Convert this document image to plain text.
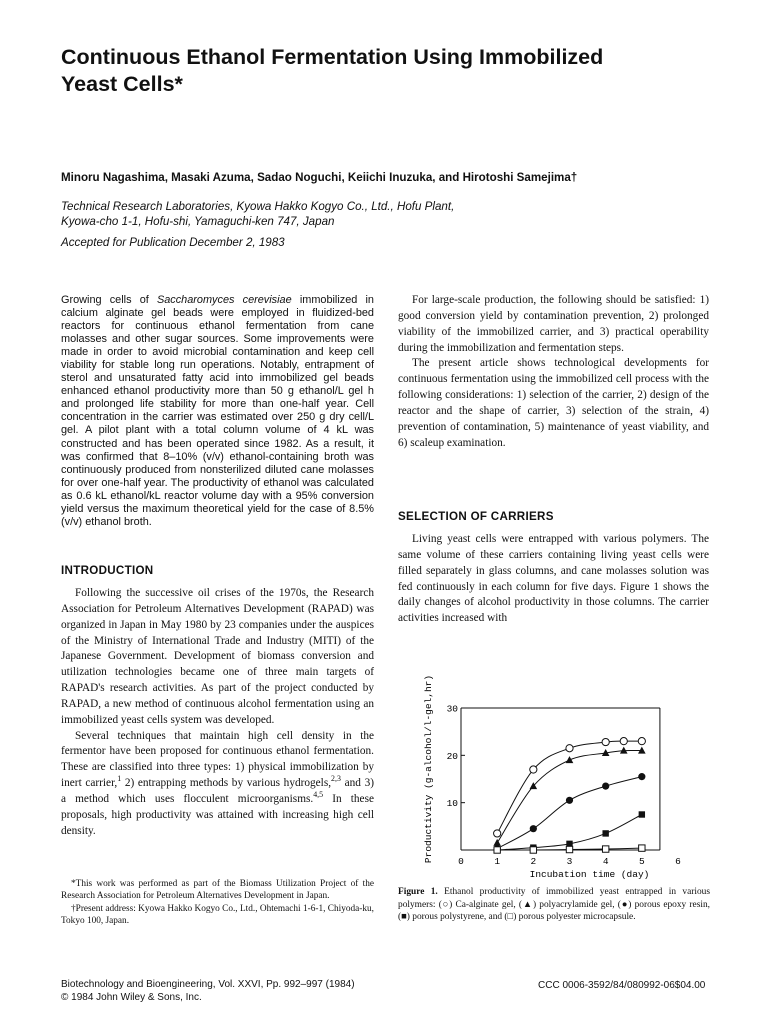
Continuous Ethanol Fermentation Using Immobilized Yeast Cells*
Minoru Nagashima, Masaki Azuma, Sadao Noguchi, Keiichi Inuzuka, and Hirotoshi Samejima†
Technical Research Laboratories, Kyowa Hakko Kogyo Co., Ltd., Hofu Plant,
Kyowa-cho 1-1, Hofu-shi, Yamaguchi-ken 747, Japan
Accepted for Publication December 2, 1983

Growing cells of Saccharomyces cerevisiae immobilized in calcium alginate gel beads were employed in fluidized-bed reactors for continuous ethanol fermentation from cane molasses and other sugar sources. Some improvements were made in order to avoid microbial contamination and keep cell viability for stable long run operations. Notably, entrapment of sterol and unsaturated fatty acid into immobilized gel beads enhanced ethanol productivity more than 50 g ethanol/L gel h and prolonged life stability for more than one-half year. Cell concentration in the carrier was estimated over 250 g dry cell/L gel. A pilot plant with a total column volume of 4 kL was constructed and has been operated since 1982. As a result, it was confirmed that 8–10% (v/v) ethanol-containing broth was continuously produced from nonsterilized diluted cane molasses for over one-half year. The productivity of ethanol was calculated as 0.6 kL ethanol/kL reactor volume day with a 95% conversion yield versus the maximum theoretical yield for the case of 8.5% (v/v) ethanol broth.

INTRODUCTION

Following the successive oil crises of the 1970s, the Research Association for Petroleum Alternatives Development (RAPAD) was organized in Japan in May 1980 by 23 companies under the auspices of the Ministry of International Trade and Industry (MITI) of the Japanese Government. Development of biomass conversion and utilization technologies became one of three main targets of RAPAD's research activities. As part of the project conducted by RAPAD, a new method of continuous alcohol fermentation using an immobilized yeast cells system was developed.

Several techniques that maintain high cell density in the fermentor have been proposed for continuous ethanol fermentation. These are classified into three types: 1) physical immobilization by inert carrier,$^1$ 2) entrapping methods by various hydrogels,$^{2,3}$ and 3) a method which uses flocculent microorganisms.$^{4,5}$ In these proposals, high productivity was attained with increasing high cell density.

For large-scale production, the following should be satisfied: 1) good conversion yield by contamination prevention, 2) prolonged viability of the immobilized carrier, and 3) practical operability during the immobilization and fermentation steps.

The present article shows technological developments for continuous fermentation using the immobilized cell process with the following considerations: 1) selection of the carrier, 2) design of the reactor and the shape of carrier, 3) selection of the strain, 4) prevention of contamination, 5) maintenance of yeast viability, and 6) scaleup examination.

SELECTION OF CARRIERS

Living yeast cells were entrapped with various polymers. The same volume of these carriers containing living yeast cells were filled separately in glass columns, and cane molasses solution was fed continuously in each column for five days. Figure 1 shows the daily changes of alcohol productivity in those columns. The carrier activities increased with

0	1	2	3	4	5	6
10
20
30
Incubation time (day)
Productivity (g-alcohol/l-gel,hr)
Figure 1. Ethanol productivity of immobilized yeast entrapped in various polymers: (○) Ca-alginate gel, (▲) polyacrylamide gel, (●) porous epoxy resin, (■) porous polystyrene, and (□) porous polyester microcapsule.

*This work was performed as part of the Biomass Utilization Project of the Research Association for Petroleum Alternatives Development in Japan.

†Present address: Kyowa Hakko Kogyo Co., Ltd., Ohtemachi 1-6-1, Chiyoda-ku, Tokyo 100, Japan.

Biotechnology and Bioengineering, Vol. XXVI, Pp. 992–997 (1984)
© 1984 John Wiley & Sons, Inc.
CCC 0006-3592/84/080992-06$04.00
